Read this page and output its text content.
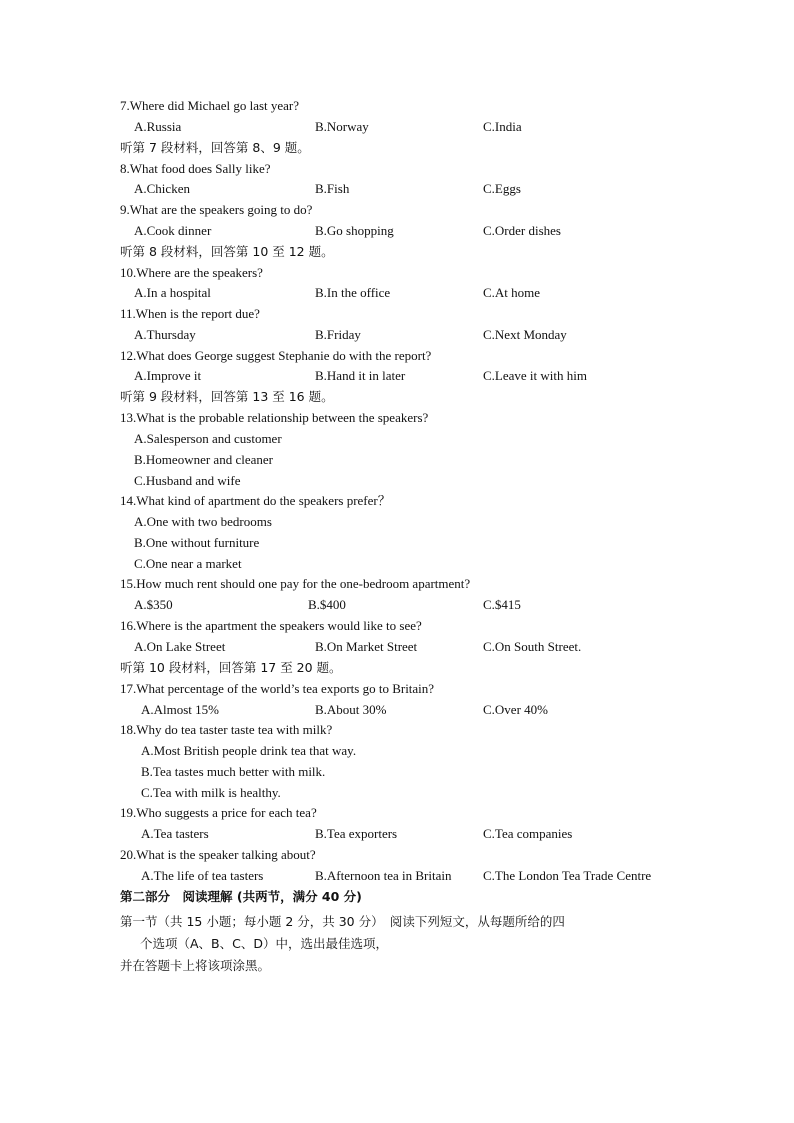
7.Where did Michael go last year?
A.Russia	B.Norway	C.India
听第 7 段材料，回答第 8、9 题。
8.What food does Sally like?
A.Chicken	B.Fish	C.Eggs
9.What are the speakers going to do?
A.Cook dinner	B.Go shopping	C.Order dishes
听第 8 段材料，回答第 10 至 12 题。
10.Where are the speakers?
A.In a hospital	B.In the office	C.At home
11.When is the report due?
A.Thursday	B.Friday	C.Next Monday
12.What does George suggest Stephanie do with the report?
A.Improve it	B.Hand it in later	C.Leave it with him
听第 9 段材料，回答第 13 至 16 题。
13.What is the probable relationship between the speakers?
A.Salesperson and customer
B.Homeowner and cleaner
C.Husband and wife
14.What kind of apartment do the speakers prefer？
A.One with two bedrooms
B.One without furniture
C.One near a market
15.How much rent should one pay for the one-bedroom apartment?
A.$350	B.$400	C.$415
16.Where is the apartment the speakers would like to see?
A.On Lake Street	B.On Market Street	C.On South Street.
听第 10 段材料，回答第 17 至 20 题。
17.What percentage of the world’s tea exports go to Britain?
A.Almost 15%	B.About 30%	C.Over 40%
18.Why do tea taster taste tea with milk?
A.Most British people drink tea that way.
B.Tea tastes much better with milk.
C.Tea with milk is healthy.
19.Who suggests a price for each tea?
A.Tea tasters	B.Tea exporters	C.Tea companies
20.What is the speaker talking about?
A.The life of tea tasters	B.Afternoon tea in Britain C.The London Tea Trade Centre
第二部分　阅读理解 (共两节，满分 40 分)
第一节（共 15 小题；每小题 2 分，共 30 分）　阅读下列短文，从每题所给的四
个选项（A、B、C、D）中，选出最佳选项，
并在答题卡上将该项涂黑。
